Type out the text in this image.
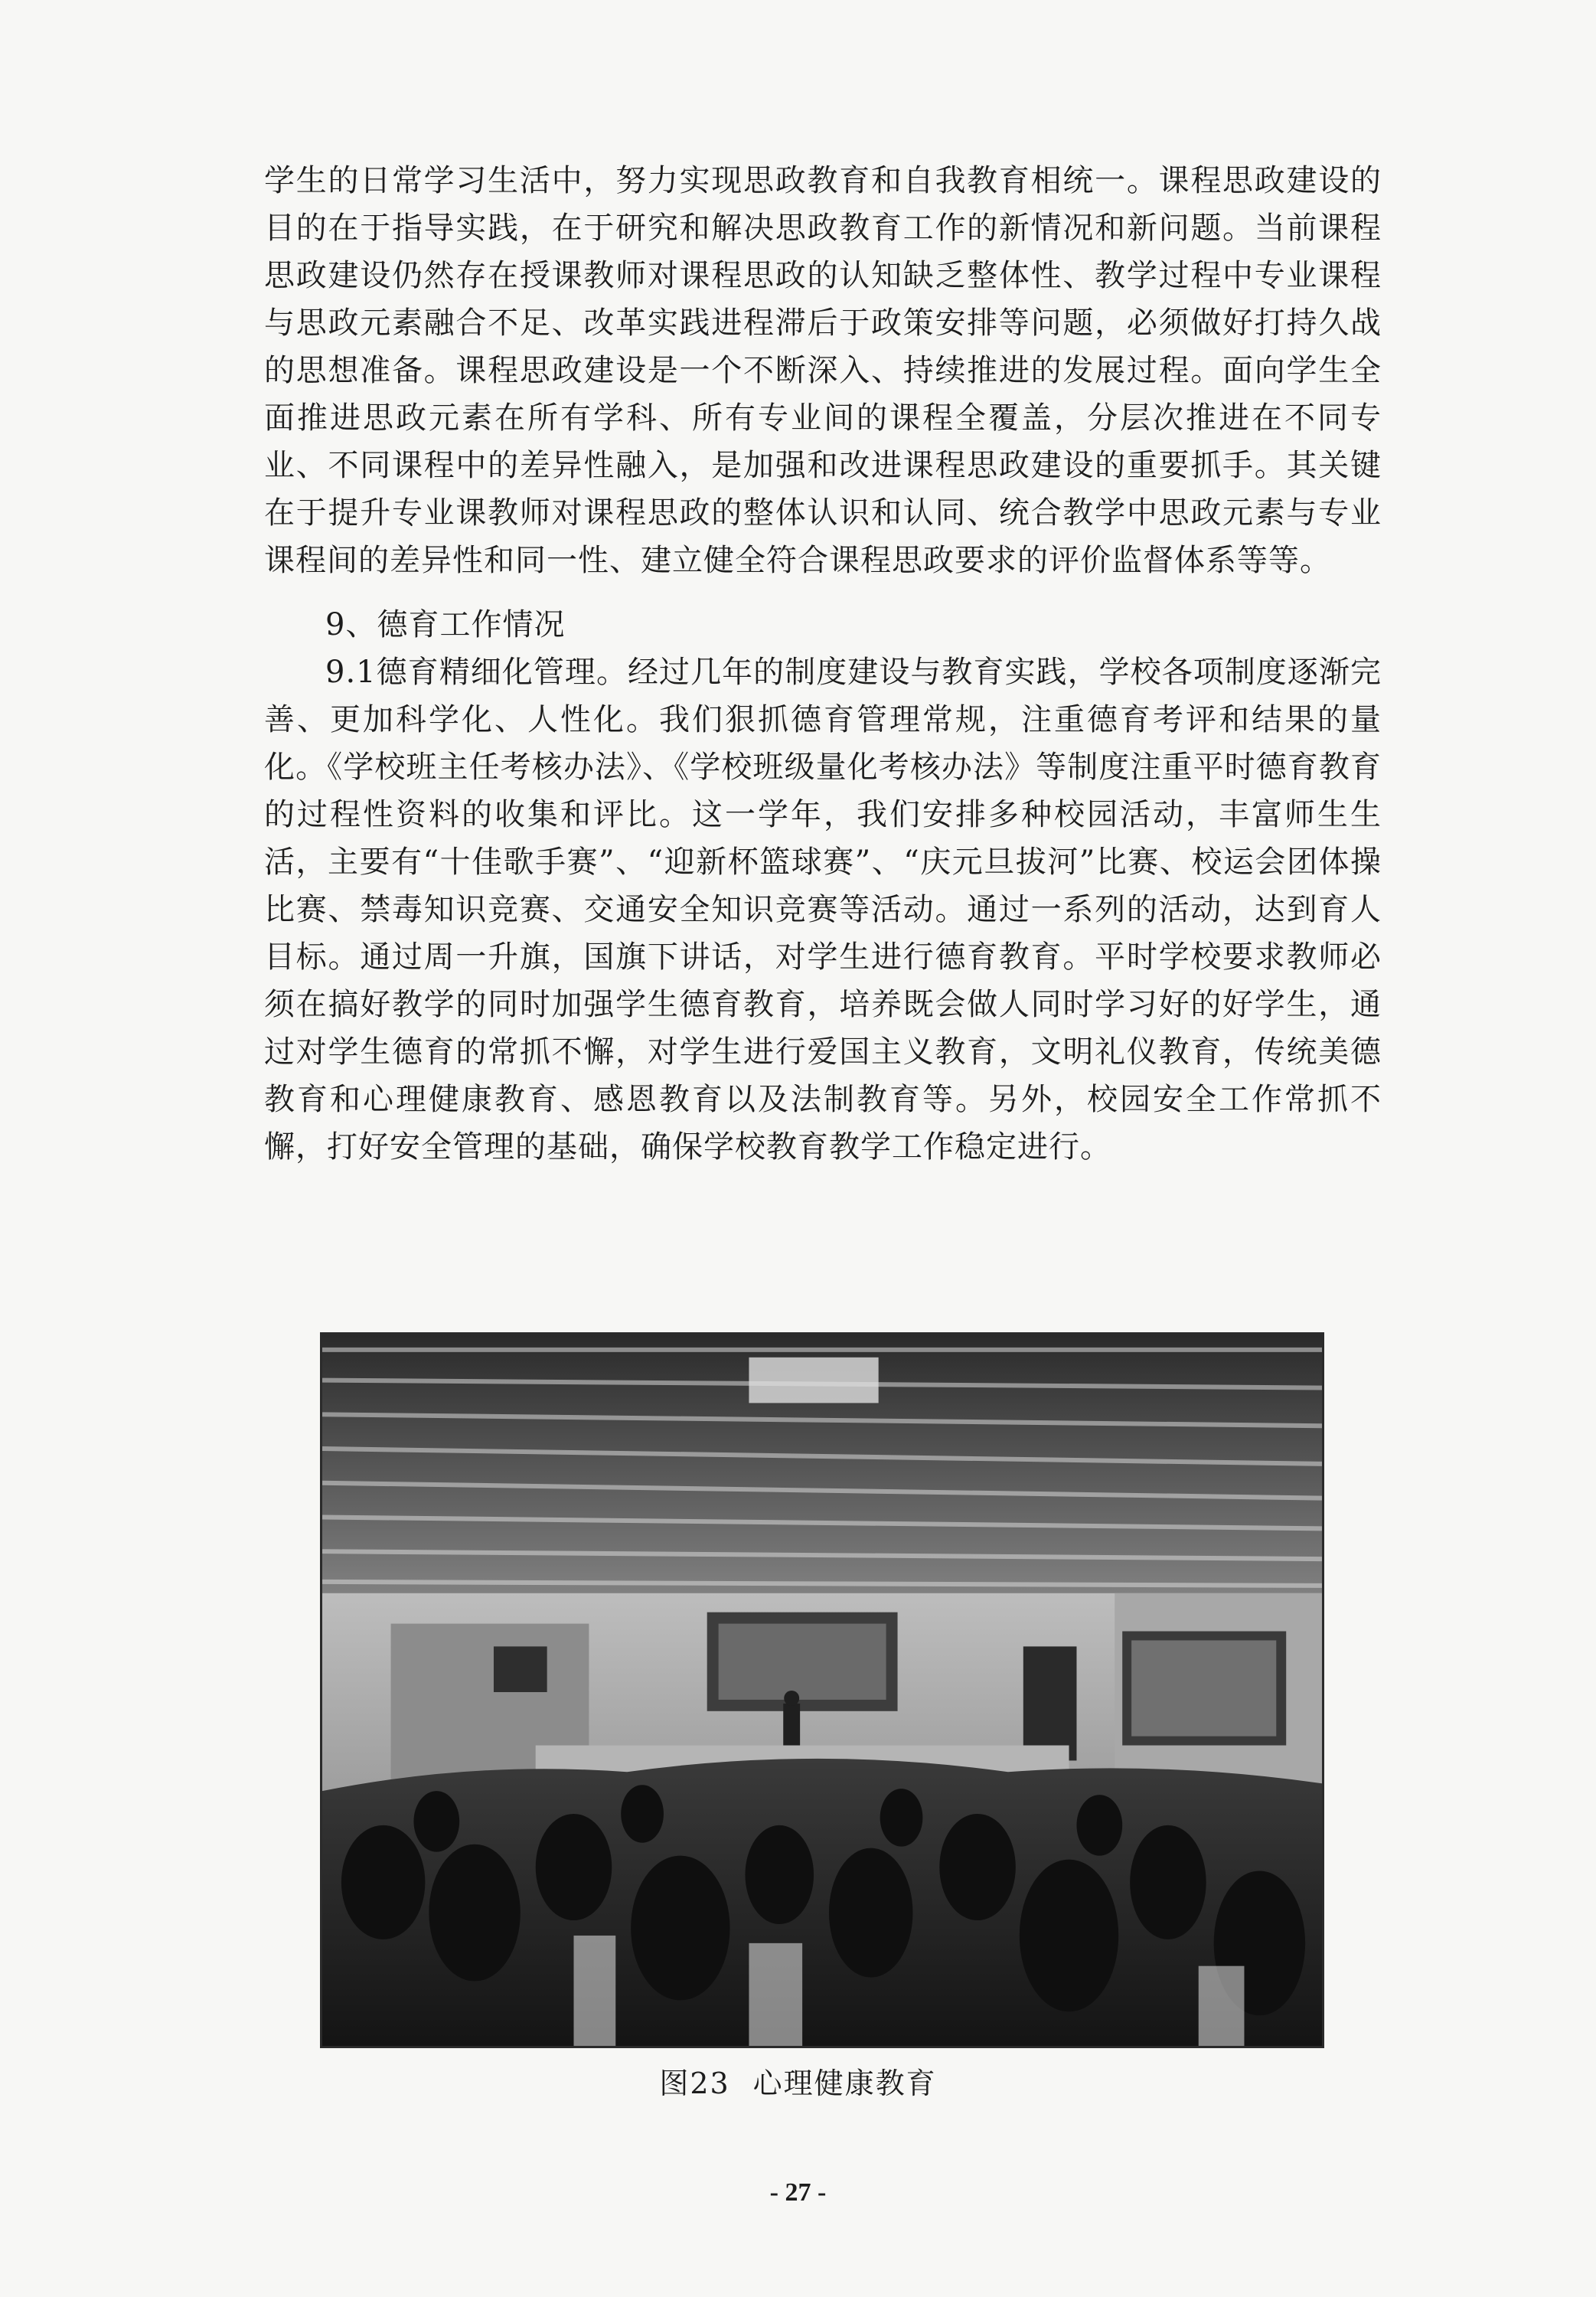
学生的日常学习生活中，努力实现思政教育和自我教育相统一。课程思政建设的目的在于指导实践，在于研究和解决思政教育工作的新情况和新问题。当前课程思政建设仍然存在授课教师对课程思政的认知缺乏整体性、教学过程中专业课程与思政元素融合不足、改革实践进程滞后于政策安排等问题，必须做好打持久战的思想准备。课程思政建设是一个不断深入、持续推进的发展过程。面向学生全面推进思政元素在所有学科、所有专业间的课程全覆盖，分层次推进在不同专业、不同课程中的差异性融入，是加强和改进课程思政建设的重要抓手。其关键在于提升专业课教师对课程思政的整体认识和认同、统合教学中思政元素与专业课程间的差异性和同一性、建立健全符合课程思政要求的评价监督体系等等。

9、德育工作情况

9.1德育精细化管理。经过几年的制度建设与教育实践，学校各项制度逐渐完善、更加科学化、人性化。我们狠抓德育管理常规，注重德育考评和结果的量化。《学校班主任考核办法》、《学校班级量化考核办法》等制度注重平时德育教育的过程性资料的收集和评比。这一学年，我们安排多种校园活动，丰富师生生活，主要有“十佳歌手赛”、“迎新杯篮球赛”、“庆元旦拔河”比赛、校运会团体操比赛、禁毒知识竞赛、交通安全知识竞赛等活动。通过一系列的活动，达到育人目标。通过周一升旗，国旗下讲话，对学生进行德育教育。平时学校要求教师必须在搞好教学的同时加强学生德育教育，培养既会做人同时学习好的好学生，通过对学生德育的常抓不懈，对学生进行爱国主义教育，文明礼仪教育，传统美德教育和心理健康教育、感恩教育以及法制教育等。另外，校园安全工作常抓不懈，打好安全管理的基础，确保学校教育教学工作稳定进行。

图23 心理健康教育
- 27 -
